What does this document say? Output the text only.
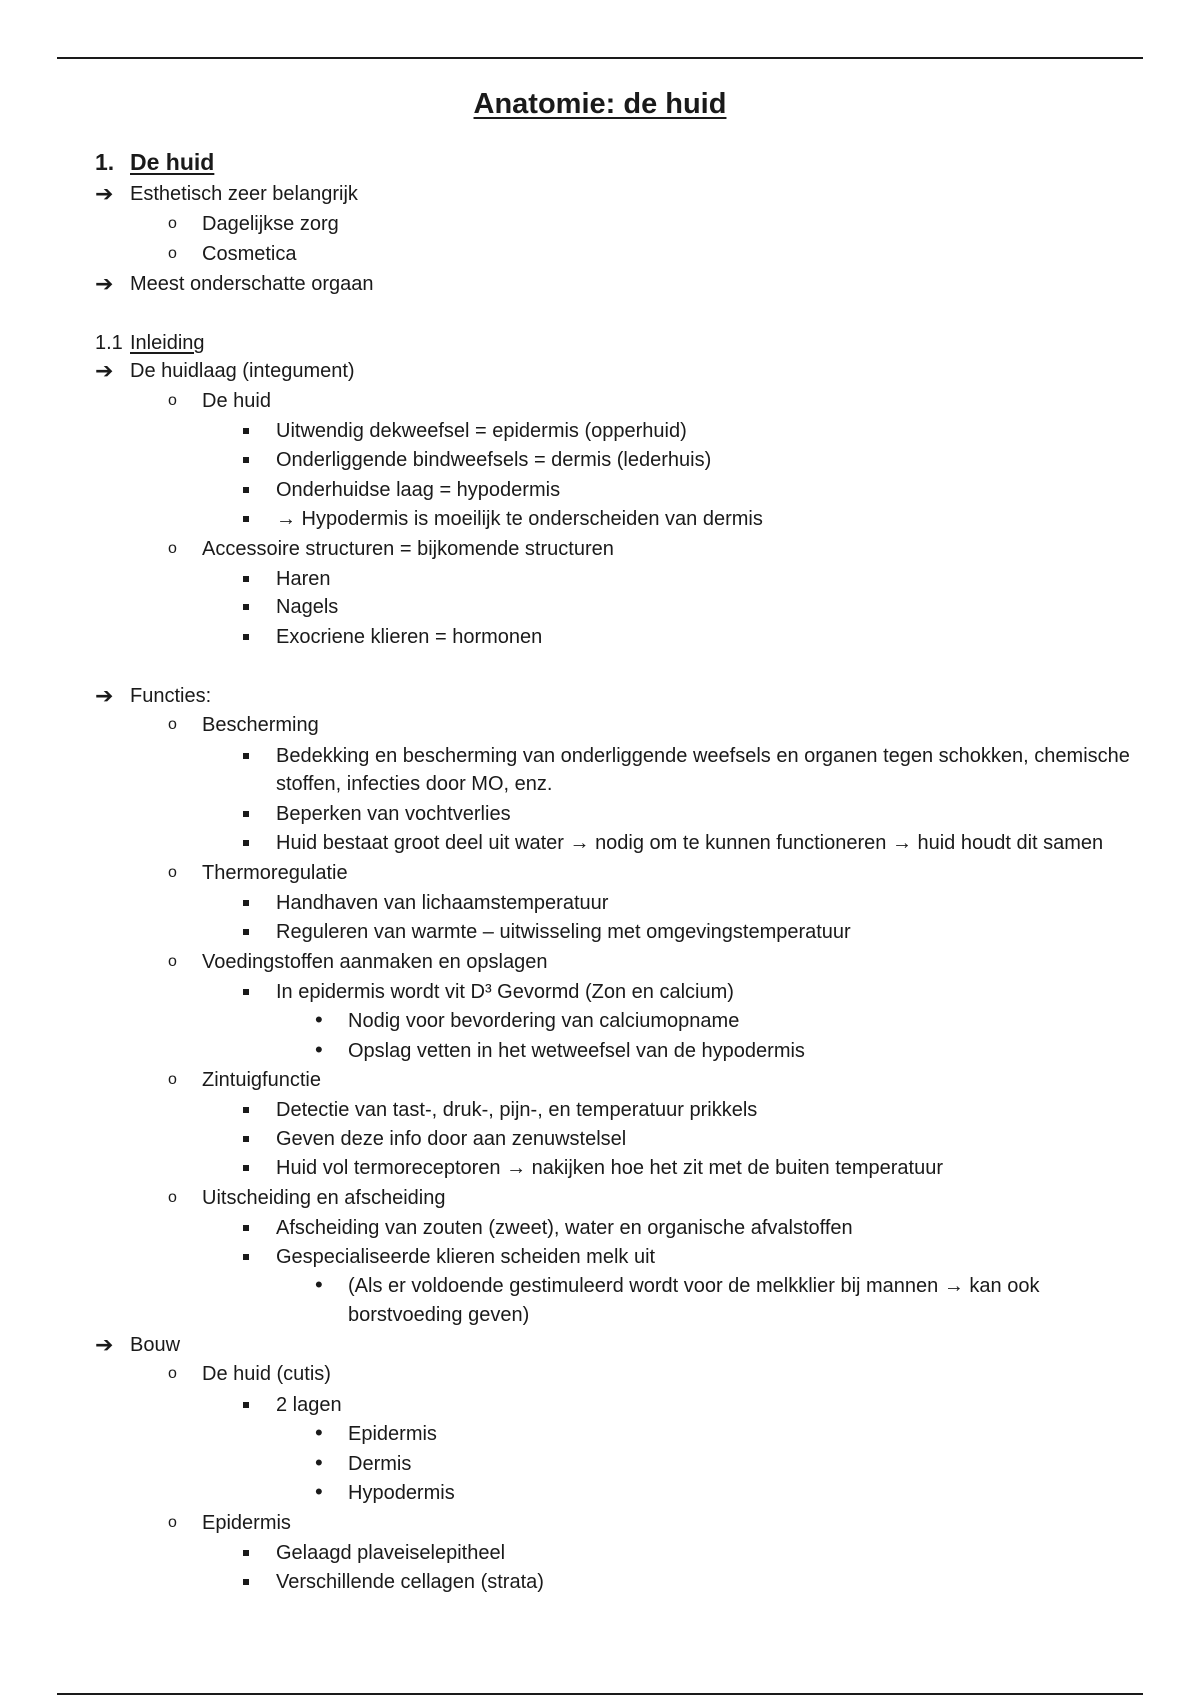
Anatomie: de huid
1. De huid
➔ Esthetisch zeer belangrijk
o Dagelijkse zorg
o Cosmetica
➔ Meest onderschatte orgaan
1.1 Inleiding
➔ De huidlaag (integument)
o De huid
Uitwendig dekweefsel = epidermis (opperhuid)
Onderliggende bindweefsels = dermis (lederhuis)
Onderhuidse laag = hypodermis
→ Hypodermis is moeilijk te onderscheiden van dermis
o Accessoire structuren = bijkomende structuren
Haren
Nagels
Exocriene klieren = hormonen
➔ Functies:
o Bescherming
Bedekking en bescherming van onderliggende weefsels en organen tegen schokken, chemische
stoffen, infecties door MO, enz.
Beperken van vochtverlies
Huid bestaat groot deel uit water → nodig om te kunnen functioneren → huid houdt dit samen
o Thermoregulatie
Handhaven van lichaamstemperatuur
Reguleren van warmte – uitwisseling met omgevingstemperatuur
o Voedingstoffen aanmaken en opslagen
In epidermis wordt vit D³ Gevormd (Zon en calcium)
• Nodig voor bevordering van calciumopname
• Opslag vetten in het wetweefsel van de hypodermis
o Zintuigfunctie
Detectie van tast-, druk-, pijn-, en temperatuur prikkels
Geven deze info door aan zenuwstelsel
Huid vol termoreceptoren → nakijken hoe het zit met de buiten temperatuur
o Uitscheiding en afscheiding
Afscheiding van zouten (zweet), water en organische afvalstoffen
Gespecialiseerde klieren scheiden melk uit
• (Als er voldoende gestimuleerd wordt voor de melkklier bij mannen → kan ook
borstvoeding geven)
➔ Bouw
o De huid (cutis)
2 lagen
• Epidermis
• Dermis
• Hypodermis
o Epidermis
Gelaagd plaveiselepitheel
Verschillende cellagen (strata)
